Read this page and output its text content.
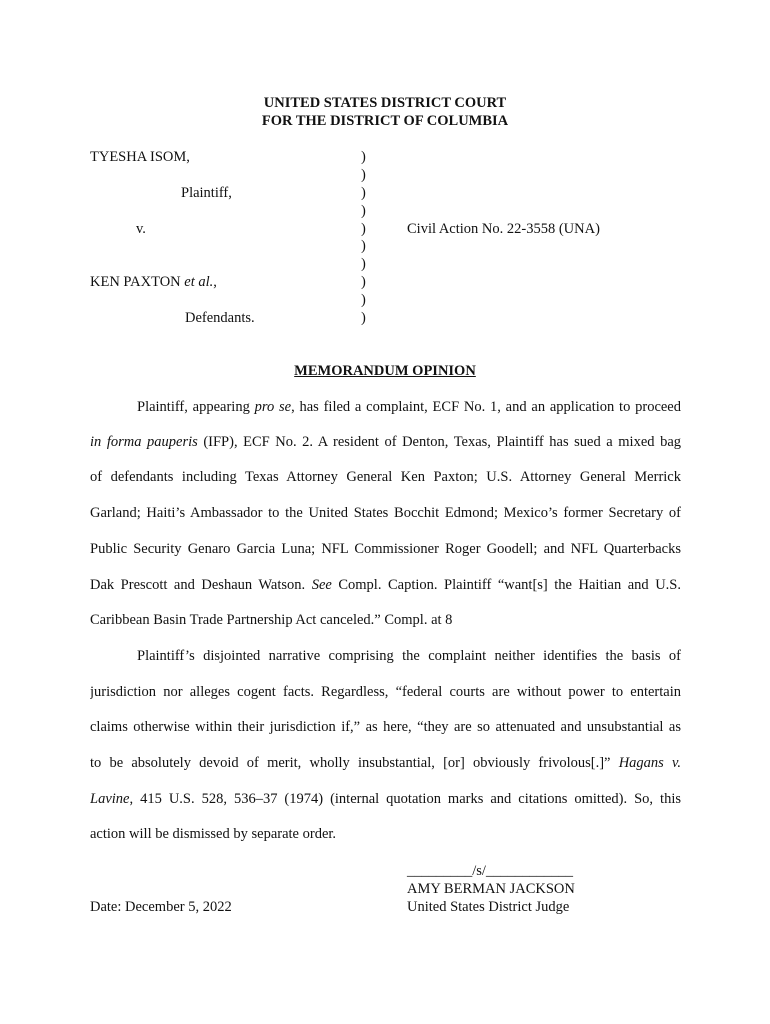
UNITED STATES DISTRICT COURT
FOR THE DISTRICT OF COLUMBIA
TYESHA ISOM,
Plaintiff,
v.
KEN PAXTON et al.,
Defendants.
)
)
)
)
)
)
)
)
)
)
Civil Action No. 22-3558 (UNA)
MEMORANDUM OPINION
Plaintiff, appearing pro se, has filed a complaint, ECF No. 1, and an application to proceed
in forma pauperis (IFP), ECF No. 2. A resident of Denton, Texas, Plaintiff has sued a mixed bag
of defendants including Texas Attorney General Ken Paxton; U.S. Attorney General Merrick
Garland; Haiti’s Ambassador to the United States Bocchit Edmond; Mexico’s former Secretary of
Public Security Genaro Garcia Luna; NFL Commissioner Roger Goodell; and NFL Quarterbacks
Dak Prescott and Deshaun Watson. See Compl. Caption. Plaintiff “want[s] the Haitian and U.S.
Caribbean Basin Trade Partnership Act canceled.” Compl. at 8
Plaintiff’s disjointed narrative comprising the complaint neither identifies the basis of
jurisdiction nor alleges cogent facts. Regardless, “federal courts are without power to entertain
claims otherwise within their jurisdiction if,” as here, “they are so attenuated and unsubstantial as
to be absolutely devoid of merit, wholly insubstantial, [or] obviously frivolous[.]” Hagans v.
Lavine, 415 U.S. 528, 536–37 (1974) (internal quotation marks and citations omitted). So, this
action will be dismissed by separate order.
_________/s/____________
AMY BERMAN JACKSON
United States District Judge
Date: December 5, 2022
